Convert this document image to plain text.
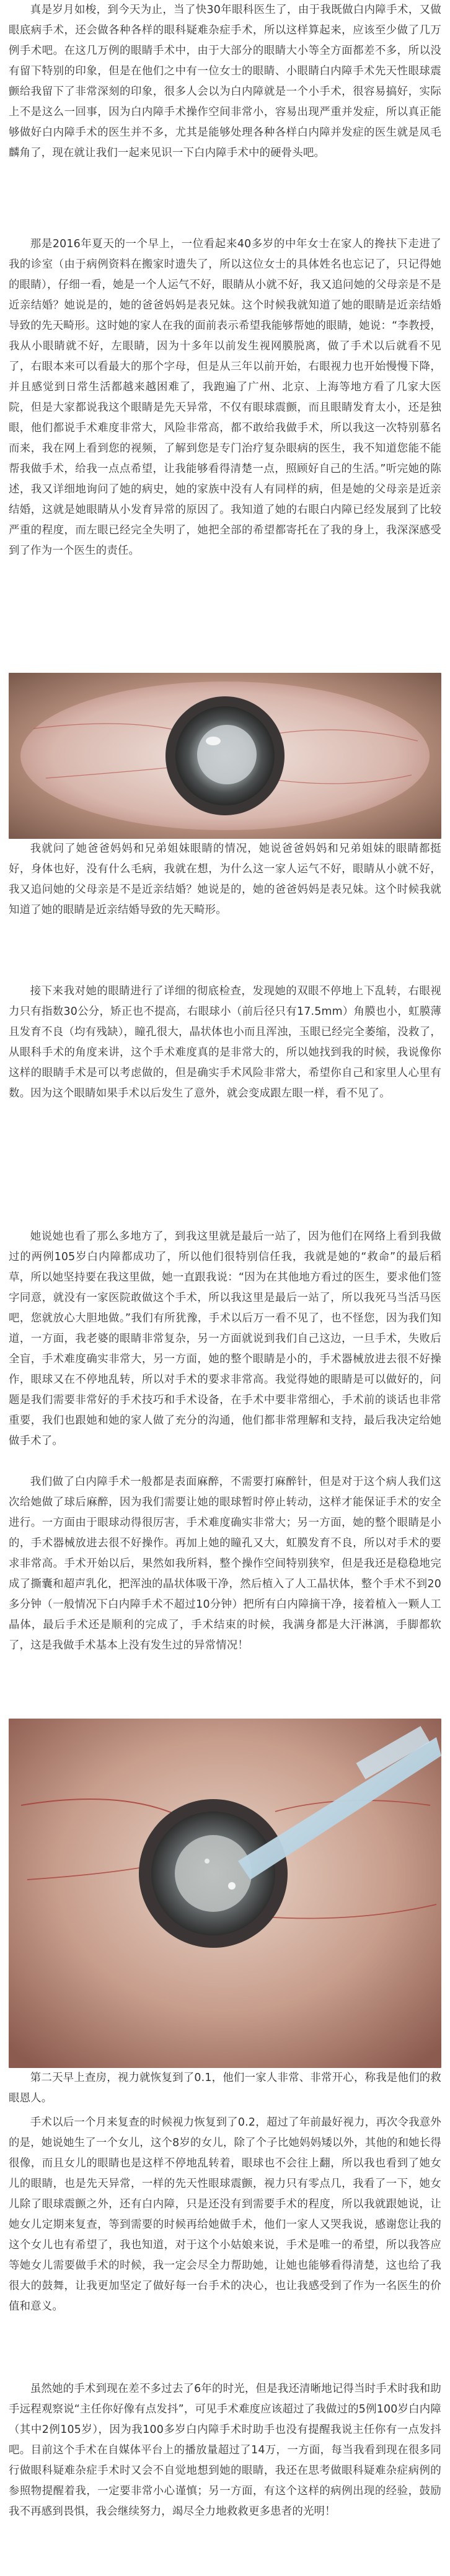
真是岁月如梭，到今天为止，当了快30年眼科医生了，由于我既做白内障手术，又做眼底病手术，还会做各种各样的眼科疑难杂症手术，所以这样算起来，应该至少做了几万例手术吧。在这几万例的眼睛手术中，由于大部分的眼睛大小等全方面都差不多，所以没有留下特别的印象，但是在他们之中有一位女士的眼睛、小眼睛白内障手术先天性眼球震颤给我留下了非常深刻的印象，很多人会以为白内障就是一个小手术，很容易搞好，实际上不是这么一回事，因为白内障手术操作空间非常小，容易出现严重并发症，所以真正能够做好白内障手术的医生并不多，尤其是能够处理各种各样白内障并发症的医生就是凤毛麟角了，现在就让我们一起来见识一下白内障手术中的硬骨头吧。

那是2016年夏天的一个早上，一位看起来40多岁的中年女士在家人的搀扶下走进了我的诊室（由于病例资料在搬家时遗失了，所以这位女士的具体姓名也忘记了，只记得她的眼睛），仔细一看，她是一个人运气不好，眼睛从小就不好，我又追问她的父母亲是不是近亲结婚？她说是的，她的爸爸妈妈是表兄妹。这个时候我就知道了她的眼睛是近亲结婚导致的先天畸形。这时她的家人在我的面前表示希望我能够帮她的眼睛，她说：“李教授，我从小眼睛就不好，左眼睛，因为十多年以前发生视网膜脱离，做了手术以后就看不见了，右眼本来可以看最大的那个字母，但是从三年以前开始，右眼视力也开始慢慢下降，并且感觉到日常生活都越来越困难了，我跑遍了广州、北京、上海等地方看了几家大医院，但是大家都说我这个眼睛是先天异常，不仅有眼球震颤，而且眼睛发育太小，还是独眼，他们都说手术难度非常大，风险非常高，都不敢给我做手术，所以我这一次特别慕名而来，我在网上看到您的视频，了解到您是专门治疗复杂眼病的医生，我不知道您能不能帮我做手术，给我一点点希望，让我能够看得清楚一点，照顾好自己的生活。”听完她的陈述，我又详细地询问了她的病史，她的家族中没有人有同样的病，但是她的父母亲是近亲结婚，这就是她眼睛从小发育异常的原因了。我知道了她的右眼白内障已经发展到了比较严重的程度，而左眼已经完全失明了，她把全部的希望都寄托在了我的身上，我深深感受到了作为一个医生的责任。

我就问了她爸爸妈妈和兄弟姐妹眼睛的情况，她说爸爸妈妈和兄弟姐妹的眼睛都挺好，身体也好，没有什么毛病，我就在想，为什么这一家人运气不好，眼睛从小就不好，我又追问她的父母亲是不是近亲结婚？她说是的，她的爸爸妈妈是表兄妹。这个时候我就知道了她的眼睛是近亲结婚导致的先天畸形。

接下来我对她的眼睛进行了详细的彻底检查，发现她的双眼不停地上下乱转，右眼视力只有指数30公分，矫正也不提高，右眼球小（前后径只有17.5mm）角膜也小，虹膜薄且发育不良（均有残缺），瞳孔很大，晶状体也小而且浑浊，玉眼已经完全萎缩，没救了，从眼科手术的角度来讲，这个手术难度真的是非常大的，所以她找到我的时候，我说像你这样的眼睛手术是可以考虑做的，但是确实手术风险非常大，希望你自己和家里人心里有数。因为这个眼睛如果手术以后发生了意外，就会变成跟左眼一样，看不见了。

她说她也看了那么多地方了，到我这里就是最后一站了，因为他们在网络上看到我做过的两例105岁白内障都成功了，所以他们很特别信任我，我就是她的“救命”的最后稻草，所以她坚持要在我这里做，她一直跟我说：“因为在其他地方看过的医生，要求他们签字同意，就没有一家医院敢做这个手术，所以我这里是最后一站了，所以我死马当活马医吧，您就放心大胆地做。”我们有所犹豫，手术以后万一看不见了，也不怪您，因为我们知道，一方面，我老婆的眼睛非常复杂，另一方面就说到我们自己这边，一旦手术，失败后全盲，手术难度确实非常大，另一方面，她的整个眼睛是小的，手术器械放进去很不好操作，眼球又在不停地乱转，所以对手术的要求非常高。我觉得她的眼睛是可以做好的，问题是我们需要非常好的手术技巧和手术设备，在手术中要非常细心，手术前的谈话也非常重要，我们也跟她和她的家人做了充分的沟通，他们都非常理解和支持，最后我决定给她做手术了。

我们做了白内障手术一般都是表面麻醉，不需要打麻醉针，但是对于这个病人我们这次给她做了球后麻醉，因为我们需要让她的眼球暂时停止转动，这样才能保证手术的安全进行。一方面由于眼球动得很厉害，手术难度确实非常大；另一方面，她的整个眼睛是小的，手术器械放进去很不好操作。再加上她的瞳孔又大，虹膜发育不良，所以对手术的要求非常高。手术开始以后，果然如我所料，整个操作空间特别狭窄，但是我还是稳稳地完成了撕囊和超声乳化，把浑浊的晶状体吸干净，然后植入了人工晶状体，整个手术不到20多分钟（一般情况下白内障手术不超过10分钟）把所有白内障摘干净，接着植入一颗人工晶体，最后手术还是顺利的完成了，手术结束的时候，我满身都是大汗淋漓，手脚都软了，这是我做手术基本上没有发生过的异常情况！

第二天早上查房，视力就恢复到了0.1，他们一家人非常、非常开心，称我是他们的救眼恩人。

手术以后一个月来复查的时候视力恢复到了0.2，超过了年前最好视力，再次令我意外的是，她说她生了一个女儿，这个8岁的女儿，除了个子比她妈妈矮以外，其他的和她长得很像，而且女儿的眼睛也是这样不停地乱转着，眼球也不会往上翻，所以我也看到了她女儿的眼睛，也是先天异常，一样的先天性眼球震颤，视力只有零点几，我看了一下，她女儿除了眼球震颤之外，还有白内障，只是还没有到需要手术的程度，所以我就跟她说，让她女儿定期来复查，等到需要的时候再给她做手术，他们一家人又哭我说，感谢您让我的这个女儿也有希望了，我也知道，对于这个小姑娘来说，手术是唯一的希望，所以我答应等她女儿需要做手术的时候，我一定会尽全力帮助她，让她也能够看得清楚，这也给了我很大的鼓舞，让我更加坚定了做好每一台手术的决心，也让我感受到了作为一名医生的价值和意义。

虽然她的手术到现在差不多过去了6年的时光，但是我还清晰地记得当时手术时我和助手远程观察说“主任你好像有点发抖”，可见手术难度应该超过了我做过的5例100岁白内障（其中2例105岁），因为我100多岁白内障手术时助手也没有提醒我说主任你有一点发抖吧。目前这个手术在自媒体平台上的播放量超过了14万，一方面，每当我看到现在很多同行做眼科疑难杂症手术时又会不自觉地想到她的眼睛，我还在思考做眼科疑难杂症病例的参照物提醒着我，一定要非常小心谨慎；另一方面，有这个这样的病例出现的经验，鼓励我不再感到畏惧，我会继续努力，竭尽全力地救救更多患者的光明！
